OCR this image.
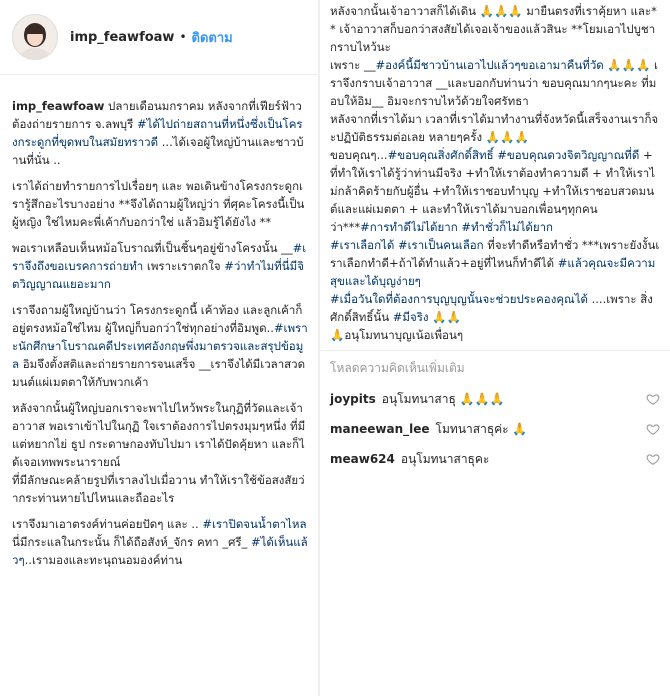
imp_feawfoaw • ติดตาม
imp_feawfoaw ปลายเดือนมกราคม หลังจากที่เฟียร์ฟ้าว ต้องถ่ายรายการ จ.ลพบุรี #ได้ไปถ่ายสถานที่หนึ่งซึ่งเป็นโครงกระดูกที่ขุดพบในสมัยทราวดี ...ได้เจอผู้ใหญ่บ้านและชาวบ้านที่นั่น ..
เราได้ถ่ายทำรายการไปเรื่อยๆ และ พอเดินข้างโครงกระดูกเรารู้สึกอะไรบางอย่าง **จึงได้ถามผู้ใหญ่ว่า ที่ศุคะโครงนี้เป็นผู้หญิง ใช่ไหมคะพี่เค้ากับอกว่าใช่ แล้วอิมรู้ได้ยังไง **
พอเราเหลือบเห็นหม้อโบราณที่เป็นชิ้นๆอยู่ข้างโครงนั้น __#เราจึงถึงขอเบรคการถ่ายทำ เพราะเราตกใจ #ว่าทำไมที่นี่มีจิตวิญญาณแยอะมาก
เราจึงถามผู้ใหญ่บ้านว่า โครงกระดูกนี้ เค้าท้อง และลูกเค้าก็อยู่ตรงหม้อใช่ไหม ผู้ใหญ่ก็บอกว่าใช่ทุกอย่างที่อิมพูด..#เพราะนักศึกษาโบราณคดีประเทศอังกฤษพึ่งมาตรวจและสรุปข้อมูล อิมจึงตั้งสติและถ่ายรายการจนเสร็จ __เราจึงได้มีเวลาสวดมนต์แผ่เมตตาให้กับพวกเค้า
หลังจากนั้นผู้ใหญ่บอกเราจะพาไปไหว้พระในกุฏิที่วัดและเจ้าอาวาส พอเราเข้าไปในกุฏิ ใจเราต้องการไปตรงมุมๆหนึ่ง ที่มีแต่หยากไย่ ธูป กระดาษกองทับไปมา เราได้ปัดคุ้ยหา และก็ได้เจอเทพพระนารายณ์
ที่มีลักษณะคล้ายรูปที่เราลงไปเมื่อวาน ทำให้เราใช้ข้อสงสัยว่ากระท่านหายไปไหนและถืออะไร
เราจึงมาเอาตรงค์ท่านค่อยปัดๆ และ .. #เราปิดจนน้ำตาไหล นี่มีกระแลในกระนั้น ก็ได้ถือสังห์_จักร คทา _ศรี_ #ได้เห็นแล้วๆ..เรามองและทะนุถนอมองค์ท่าน
หลังจากนั้นเจ้าอาวาสก็ได้เดิน 🙏🙏🙏 มายืนตรงที่เราคุ้ยหา และ** เจ้าอาวาสก็บอกว่าสงสัยได้เจอเจ้าของแล้วสินะ **โยมเอาไปบูชากราบไหว้นะ
เพราะ __#องค์นี้มีชาวบ้านเอาไปแล้วๆขอเอามาคืนที่วัด 🙏🙏🙏 เราจึงกราบเจ้าอาวาส __และบอกกับท่านว่า ขอบคุณมากๆนะคะ ที่มอบให้อิม__ อิมจะกราบไหว้ด้วยใจศรัทธา
หลังจากที่เราได้มา เวลาที่เราได้มาทำงานที่จังหวัดนี้เสร็จงานเราก็จะปฏิบัติธรรมต่อเลย หลายๆครั้ง 🙏🙏🙏
ขอบคุณๆ...#ขอบคุณสิ่งศักดิ์สิทธิ์ #ขอบคุณดวงจิตวิญญาณที่ดี +ที่ทำให้เราได้รู้ว่าท่านมีจริง +ทำให้เราต้องทำความดี + ทำให้เราไม่กล้าคิดร้ายกับผู้อื่น +ทำให้เราชอบทำบุญ +ทำให้เราชอบสวดมนต์และแผ่เมตตา + และทำให้เราได้มาบอกเพื่อนๆทุกคน
ว่า***#การทำดีไม่ได้ยาก #ทำชั่วก็ไม่ได้ยาก
#เราเลือกได้ #เราเป็นคนเลือก ที่จะทำดีหรือทำชั่ว ***เพราะยังงั้นเราเลือกทำดี+ถ้าได้ทำแล้ว+อยู่ที่ไหนก็ทำดีได้ #แล้วคุณจะมีความสุขและได้บุญง่ายๆ
#เมื่อวันใดที่ต้องการบุญบุญนั้นจะช่วยประคองคุณได้ ....เพราะ สิ่งศักดิ์สิทธิ์นั้น #มีจริง 🙏🙏
🙏อนุโมทนาบุญเน้อเพื่อนๆ
โหลดความคิดเห็นเพิ่มเติม
joypits อนุโมทนาสาธุ 🙏🙏🙏
maneewan_lee โมทนาสาธุค่ะ 🙏
meaw624 อนุโมทนาสาธุคะ
